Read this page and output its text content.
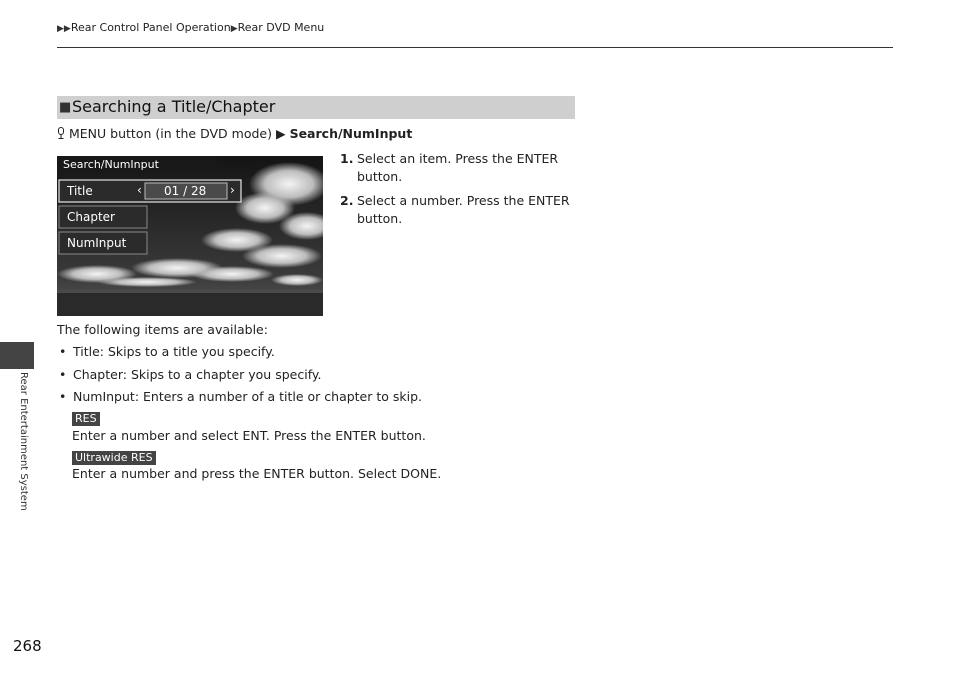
▶▶Rear Control Panel Operation▶Rear DVD Menu
■ Searching a Title/Chapter
MENU button (in the DVD mode) ▶ Search/NumInput
Search/NumInput
Title	‹ 01 / 28 ›
Chapter
NumInput
1. Select an item. Press the ENTER button.
2. Select a number. Press the ENTER button.
The following items are available:
• Title: Skips to a title you specify.
• Chapter: Skips to a chapter you specify.
• NumInput: Enters a number of a title or chapter to skip.
RES
Enter a number and select ENT. Press the ENTER button.
Ultrawide RES
Enter a number and press the ENTER button. Select DONE.
Rear Entertainment System
268
